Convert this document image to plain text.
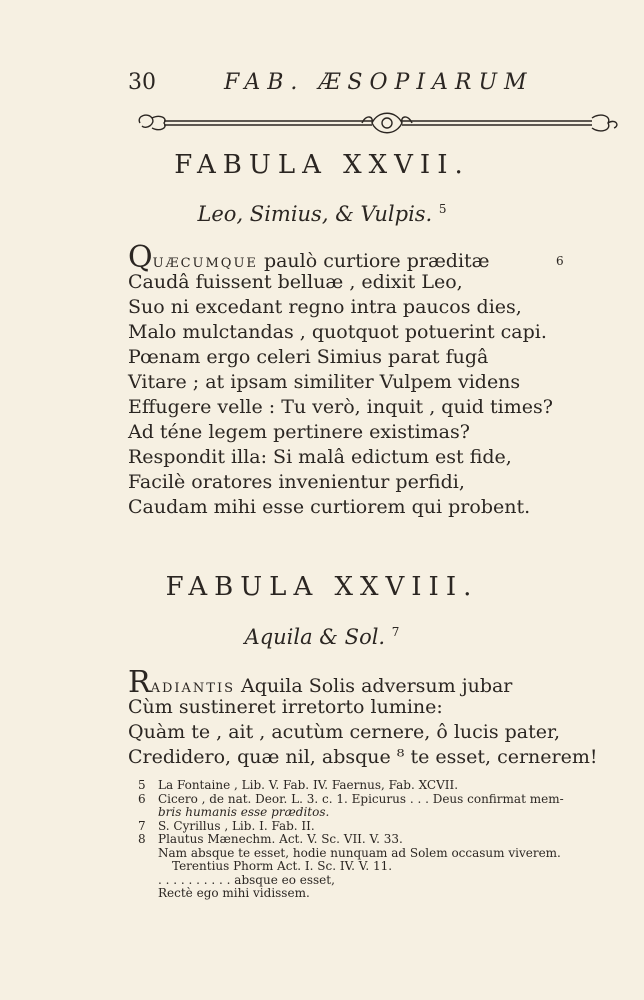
30	FAB. ÆSOPIARUM
FABULA XXVII.
Leo, Simius, & Vulpis. $^5$
6
QUÆCUMQUE paulò curtiore præditæ
Caudâ fuissent belluæ , edixit Leo,
Suo ni excedant regno intra paucos dies,
Malo mulctandas , quotquot potuerint capi.
Pœnam ergo celeri Simius parat fugâ
Vitare ; at ipsam similiter Vulpem videns
Effugere velle : Tu verò, inquit , quid times?
Ad téne legem pertinere existimas?
Respondit illa: Si malâ edictum est fide,
Facilè oratores invenientur perfidi,
Caudam mihi esse curtiorem qui probent.
FABULA XXVIII.
Aquila & Sol. $^7$
RADIANTIS Aquila Solis adversum jubar
Cùm sustineret irretorto lumine:
Quàm te , ait , acutùm cernere, ô lucis pater,
Credidero, quæ nil, absque ⁸ te esset, cernerem!
5 La Fontaine , Lib. V. Fab. IV. Faernus, Fab. XCVII.
6 Cicero , de nat. Deor. L. 3. c. 1. Epicurus . . . Deus confirmat mem-
bris humanis esse præditos.
7 S. Cyrillus , Lib. I. Fab. II.
8 Plautus Mænechm. Act. V. Sc. VII. V. 33.
Nam absque te esset, hodie nunquam ad Solem occasum viverem.
Terentius Phorm Act. I. Sc. IV. V. 11.
. . . . . . . . . . absque eo esset,
Rectè ego mihi vidissem.
